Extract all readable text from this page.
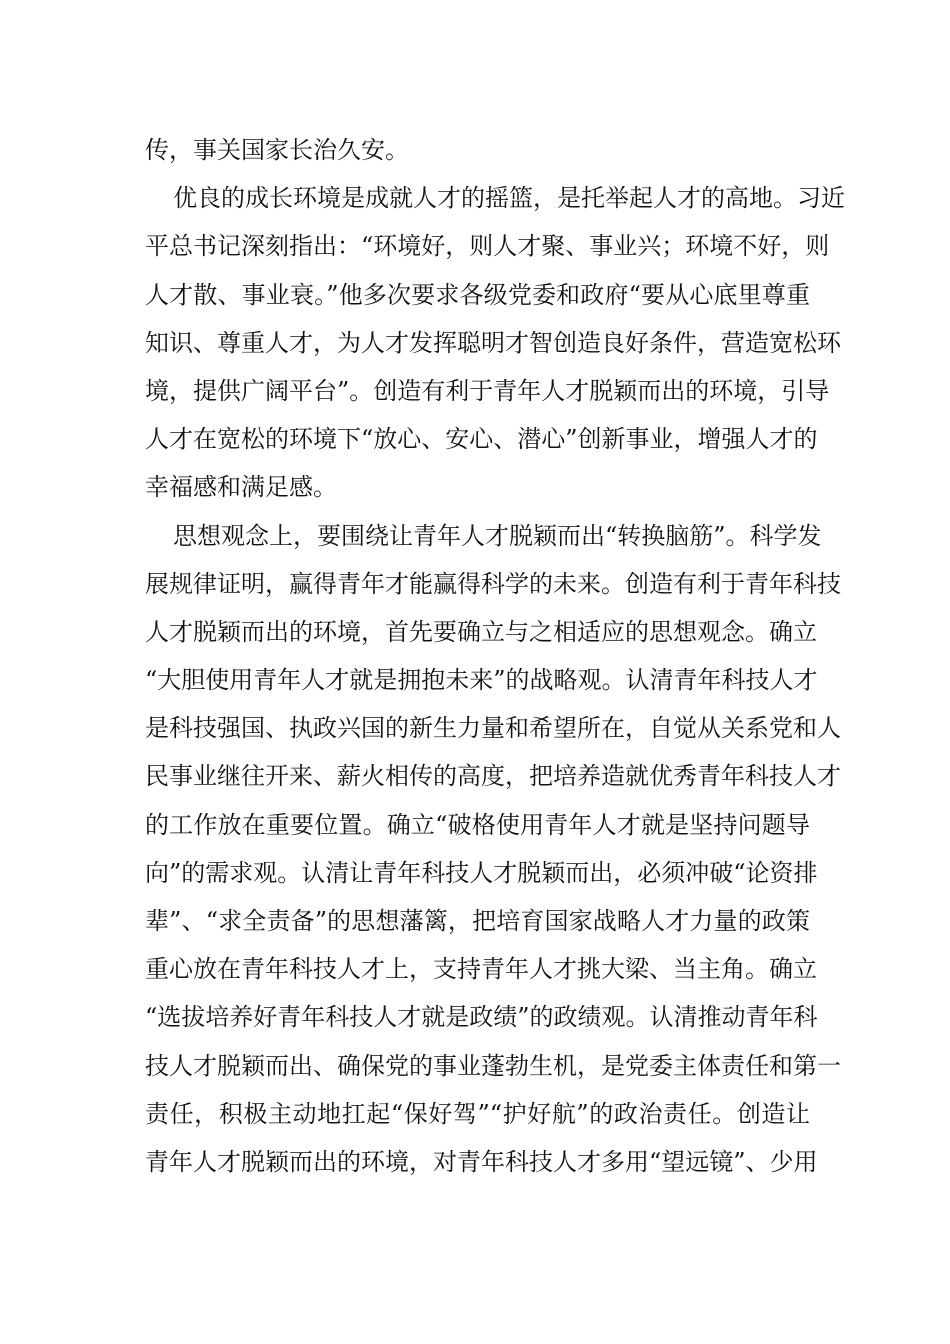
传，事关国家长治久安。
优良的成长环境是成就人才的摇篮，是托举起人才的高地。习近
平总书记深刻指出：“环境好，则人才聚、事业兴；环境不好，则
人才散、事业衰。”他多次要求各级党委和政府“要从心底里尊重
知识、尊重人才，为人才发挥聪明才智创造良好条件，营造宽松环
境，提供广阔平台”。创造有利于青年人才脱颖而出的环境，引导
人才在宽松的环境下“放心、安心、潜心”创新事业，增强人才的
幸福感和满足感。
思想观念上，要围绕让青年人才脱颖而出“转换脑筋”。科学发
展规律证明，赢得青年才能赢得科学的未来。创造有利于青年科技
人才脱颖而出的环境，首先要确立与之相适应的思想观念。确立
“大胆使用青年人才就是拥抱未来”的战略观。认清青年科技人才
是科技强国、执政兴国的新生力量和希望所在，自觉从关系党和人
民事业继往开来、薪火相传的高度，把培养造就优秀青年科技人才
的工作放在重要位置。确立“破格使用青年人才就是坚持问题导
向”的需求观。认清让青年科技人才脱颖而出，必须冲破“论资排
辈”、“求全责备”的思想藩篱，把培育国家战略人才力量的政策
重心放在青年科技人才上，支持青年人才挑大梁、当主角。确立
“选拔培养好青年科技人才就是政绩”的政绩观。认清推动青年科
技人才脱颖而出、确保党的事业蓬勃生机，是党委主体责任和第一
责任，积极主动地扛起“保好驾”“护好航”的政治责任。创造让
青年人才脱颖而出的环境，对青年科技人才多用“望远镜”、少用
